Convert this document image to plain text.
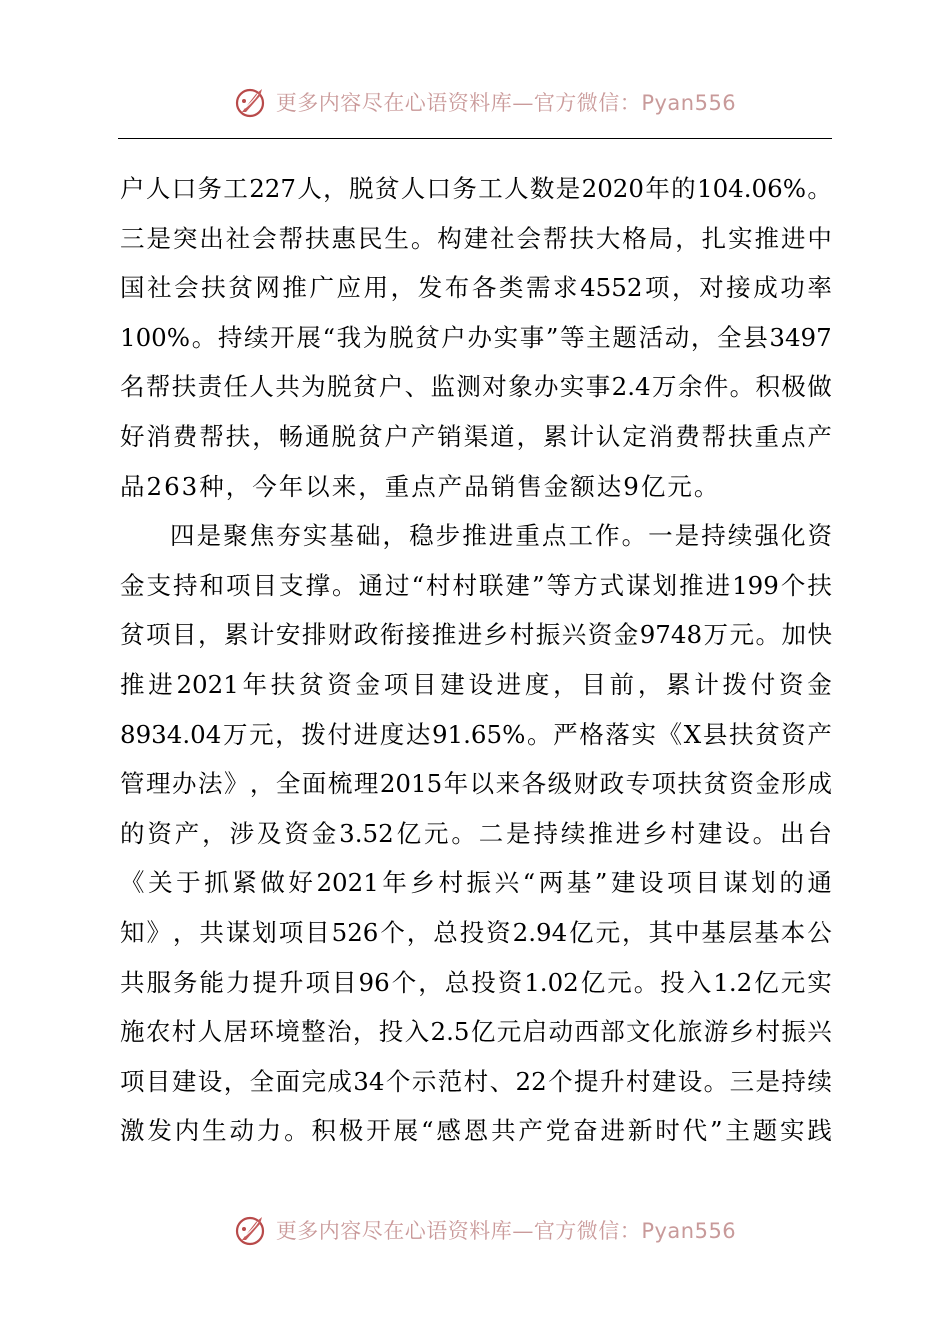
更多内容尽在心语资料库—官方微信：Pyan556
户 人 口 务 工 227 人 ， 脱 贫 人 口 务 工 人 数 是 2020 年 的 104.06% 。
三 是 突 出 社 会 帮 扶 惠 民 生 。 构 建 社 会 帮 扶 大 格 局 ， 扎 实 推 进 中
国 社 会 扶 贫 网 推 广 应 用 ， 发 布 各 类 需 求 4552 项 ， 对 接 成 功 率
100% 。 持 续 开 展 “ 我 为 脱 贫 户 办 实 事 ” 等 主 题 活 动 ， 全 县 3497
名 帮 扶 责 任 人 共 为 脱 贫 户 、 监 测 对 象 办 实 事 2.4 万 余 件 。 积 极 做
好 消 费 帮 扶 ， 畅 通 脱 贫 户 产 销 渠 道 ， 累 计 认 定 消 费 帮 扶 重 点 产
品263种，今年以来，重点产品销售金额达9亿元。
四 是 聚 焦 夯 实 基 础 ， 稳 步 推 进 重 点 工 作 。 一 是 持 续 强 化 资
金 支 持 和 项 目 支 撑 。 通 过 “ 村 村 联 建 ” 等 方 式 谋 划 推 进 199 个 扶
贫 项 目 ， 累 计 安 排 财 政 衔 接 推 进 乡 村 振 兴 资 金 9748 万 元 。 加 快
推 进 2021 年 扶 贫 资 金 项 目 建 设 进 度 ， 目 前 ， 累 计 拨 付 资 金
8934.04 万 元 ， 拨 付 进 度 达 91.65% 。 严 格 落 实 《 X 县 扶 贫 资 产
管 理 办 法 》 ， 全 面 梳 理 2015 年 以 来 各 级 财 政 专 项 扶 贫 资 金 形 成
的 资 产 ， 涉 及 资 金 3.52 亿 元 。 二 是 持 续 推 进 乡 村 建 设 。 出 台
《 关 于 抓 紧 做 好 2021 年 乡 村 振 兴 “ 两 基 ” 建 设 项 目 谋 划 的 通
知 》 ， 共 谋 划 项 目 526 个 ， 总 投 资 2.94 亿 元 ， 其 中 基 层 基 本 公
共 服 务 能 力 提 升 项 目 96 个 ， 总 投 资 1.02 亿 元 。 投 入 1.2 亿 元 实
施 农 村 人 居 环 境 整 治 ， 投 入 2.5 亿 元 启 动 西 部 文 化 旅 游 乡 村 振 兴
项 目 建 设 ， 全 面 完 成 34 个 示 范 村 、 22 个 提 升 村 建 设 。 三 是 持 续
激 发 内 生 动 力 。 积 极 开 展 “ 感 恩 共 产 党 奋 进 新 时 代 ” 主 题 实 践
更多内容尽在心语资料库—官方微信：Pyan556
